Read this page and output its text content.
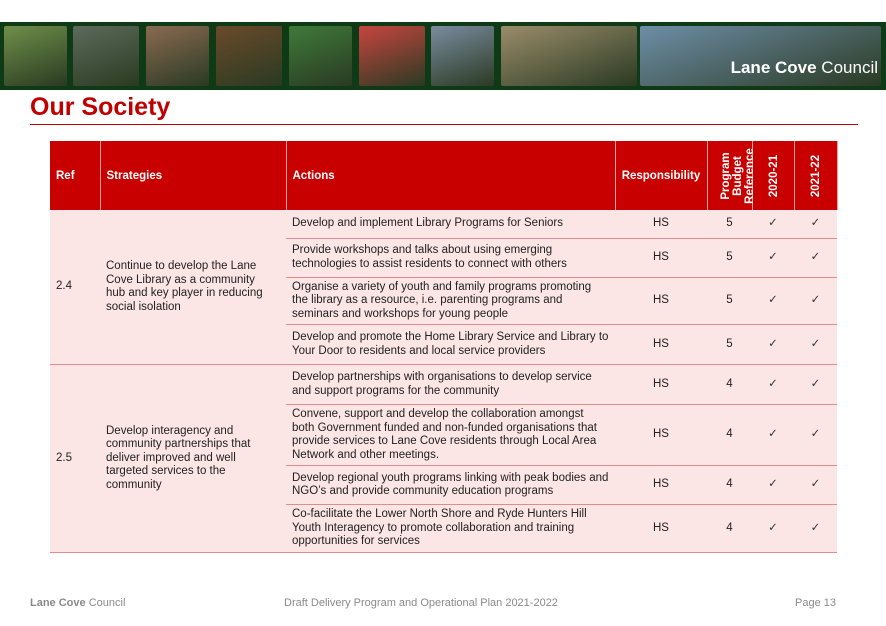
Lane Cove Council
Our Society
Ref	Strategies	Actions	Responsibility	Program Budget Reference	2020-21	2021-22
2.4	Continue to develop the Lane Cove Library as a community hub and key player in reducing social isolation	Develop and implement Library Programs for Seniors	HS	5	✓	✓
		Provide workshops and talks about using emerging technologies to assist residents to connect with others	HS	5	✓	✓
		Organise a variety of youth and family programs promoting the library as a resource, i.e. parenting programs and seminars and workshops for young people	HS	5	✓	✓
		Develop and promote the Home Library Service and Library to Your Door to residents and local service providers	HS	5	✓	✓
2.5	Develop interagency and community partnerships that deliver improved and well targeted services to the community	Develop partnerships with organisations to develop service and support programs for the community	HS	4	✓	✓
		Convene, support and develop the collaboration amongst both Government funded and non-funded organisations that provide services to Lane Cove residents through Local Area Network and other meetings.	HS	4	✓	✓
		Develop regional youth programs linking with peak bodies and NGO’s and provide community education programs	HS	4	✓	✓
		Co-facilitate the Lower North Shore and Ryde Hunters Hill Youth Interagency to promote collaboration and training opportunities for services	HS	4	✓	✓
Lane Cove Council	Draft Delivery Program and Operational Plan 2021-2022	Page 13
